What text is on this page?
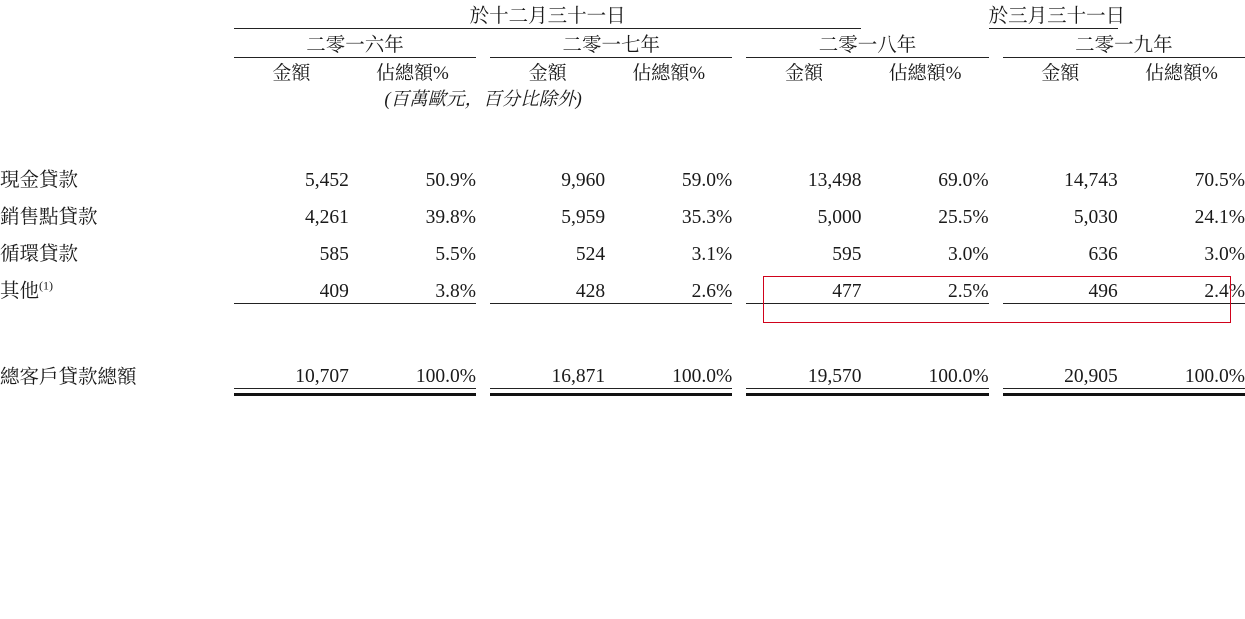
	於十二月三十一日								於三月三十一日		

	二零一六年			二零一七年			二零一八年			二零一九年	

	金額	佔總額%		金額	佔總額%		金額	佔總額%		金額	佔總額%
	(百萬歐元，百分比除外)										

現金貸款	5,452	50.9%		9,960	59.0%		13,498	69.0%		14,743	70.5%
銷售點貸款	4,261	39.8%		5,959	35.3%		5,000	25.5%		5,030	24.1%
循環貸款	585	5.5%		524	3.1%		595	3.0%		636	3.0%
其他$^{(1)}$	409	3.8%		428	2.6%		477	2.5%		496	2.4%

總客戶貸款總額	10,707	100.0%		16,871	100.0%		19,570	100.0%		20,905	100.0%
